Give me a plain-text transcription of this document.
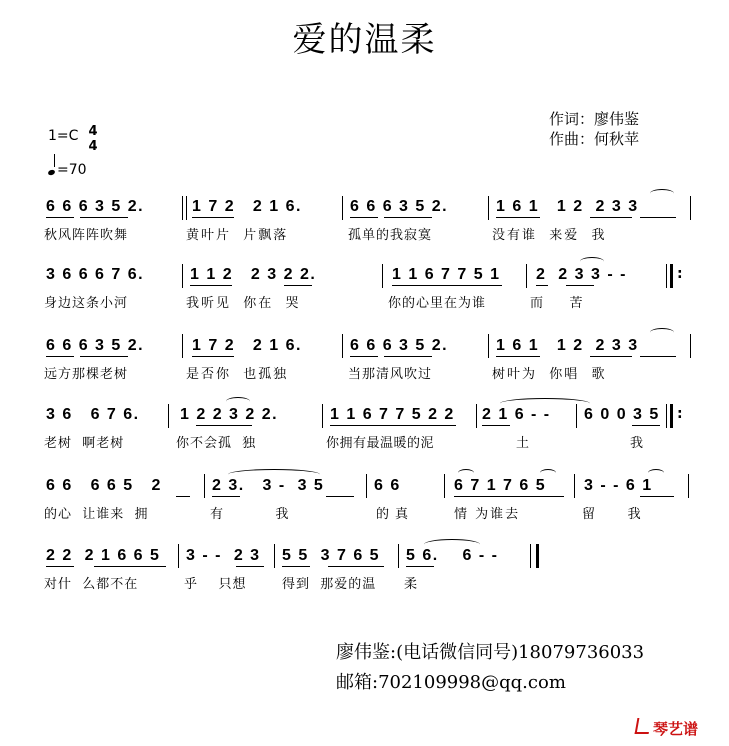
爱的温柔
作词：廖伟鉴
作曲：何秋苹
1=C 4
4
=70
6 6 6 3 5 2.	1 7 2   2 1 6.	6 6 6 3 5 2.	1 6 1   1 2  2 3 3
秋风阵阵吹舞	黄叶片  片飘落	孤单的我寂寞	没有谁  来爱  我
:
3 6 6 6 7 6.	1 1 2   2 3 2 2.	1 1 6 7 7 5 1 2  2 3 3 - -
身边这条小河	我听见  你在  哭	你的心里在为谁	而    苦
6 6 6 3 5 2.	1 7 2   2 1 6.	6 6 6 3 5 2.	1 6 1   1 2  2 3 3
远方那棵老树	是否你  也孤独	当那清风吹过	树叶为  你唱  歌
:
3 6   6 7 6.	1 2 2 3 2 2.	1 1 6 7 7 5 2 2 2 1 6 - - 6 0 0 3 5
老树  啊老树	你不会孤  独	你拥有最温暖的泥	土	我
6 6   6 6 5   2	2 3.   3 -  3 5	6 6	6 7 1 7 6 5 3 - - 6 1
的心  让谁来  拥	有          我	的真	情 为谁去	留     我
2 2  2 1 6 6 5 3 - -  2 3 5 5  3 7 6 5 5 6.    6 - -
对什  么都不在	乎    只想	得到  那爱的温 柔
廖伟鉴:(电话微信同号)18079736033
邮箱:702109998@qq.com
琴艺谱
